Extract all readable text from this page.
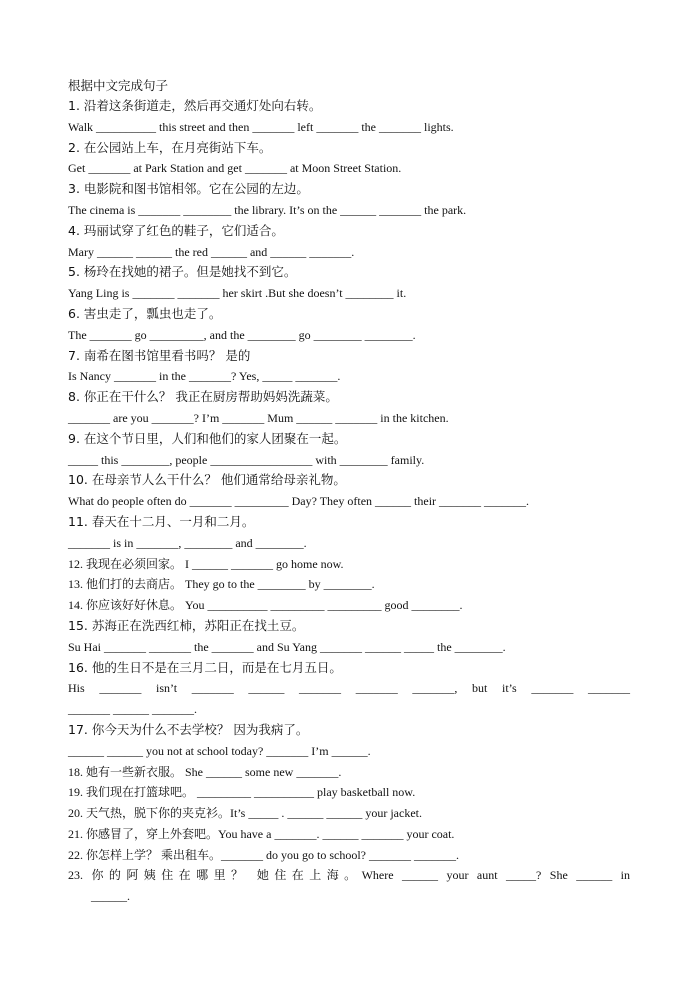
根据中文完成句子
1. 沿着这条街道走，然后再交通灯处向右转。
Walk __________ this street and then _______ left _______ the _______ lights.
2. 在公园站上车，在月亮街站下车。
Get _______ at Park Station and get _______ at Moon Street Station.
3. 电影院和图书馆相邻。它在公园的左边。
The cinema is _______ ________ the library. It’s on the ______ _______ the park.
4. 玛丽试穿了红色的鞋子，它们适合。
Mary ______ ______ the red ______ and ______ _______.
5. 杨玲在找她的裙子。但是她找不到它。
Yang Ling is _______ _______ her skirt .But she doesn’t ________ it.
6. 害虫走了，瓢虫也走了。
The _______ go _________, and the ________ go ________ ________.
7. 南希在图书馆里看书吗？ 是的
Is Nancy _______ in the _______? Yes, _____ _______.
8. 你正在干什么？ 我正在厨房帮助妈妈洗蔬菜。
_______ are you _______? I’m _______ Mum ______ _______ in the kitchen.
9. 在这个节日里，人们和他们的家人团聚在一起。
_____ this ________, people _________________ with ________ family.
10. 在母亲节人么干什么？ 他们通常给母亲礼物。
What do people often do _______ _________ Day? They often ______ their _______ _______.
11. 春天在十二月、一月和二月。
_______ is in _______, ________ and ________.
12. 我现在必须回家。 I ______ _______ go home now.
13. 他们打的去商店。 They go to the ________ by ________.
14. 你应该好好休息。 You __________ _________ _________ good ________.
15. 苏海正在洗西红柿，苏阳正在找土豆。
Su Hai _______ _______ the _______ and Su Yang _______ ______ _____ the ________.
16. 他的生日不是在三月二日，而是在七月五日。
His _______ isn’t _______ ______ _______ _______ _______, but it’s _______ _______
_______ ______ _______.
17. 你今天为什么不去学校？ 因为我病了。
______ ______ you not at school today? _______ I’m ______.
18. 她有一些新衣服。 She ______ some new _______.
19. 我们现在打篮球吧。 _________ __________ play basketball now.
20. 天气热，脱下你的夹克衫。It’s _____ . ______ ______ your jacket.
21. 你感冒了，穿上外套吧。You have a _______. ______ _______ your coat.
22. 你怎样上学？ 乘出租车。_______ do you go to school? _______ _______.
23. 你的阿姨住在哪里？ 她住在上海。Where ______ your aunt _____? She ______ in
______.
